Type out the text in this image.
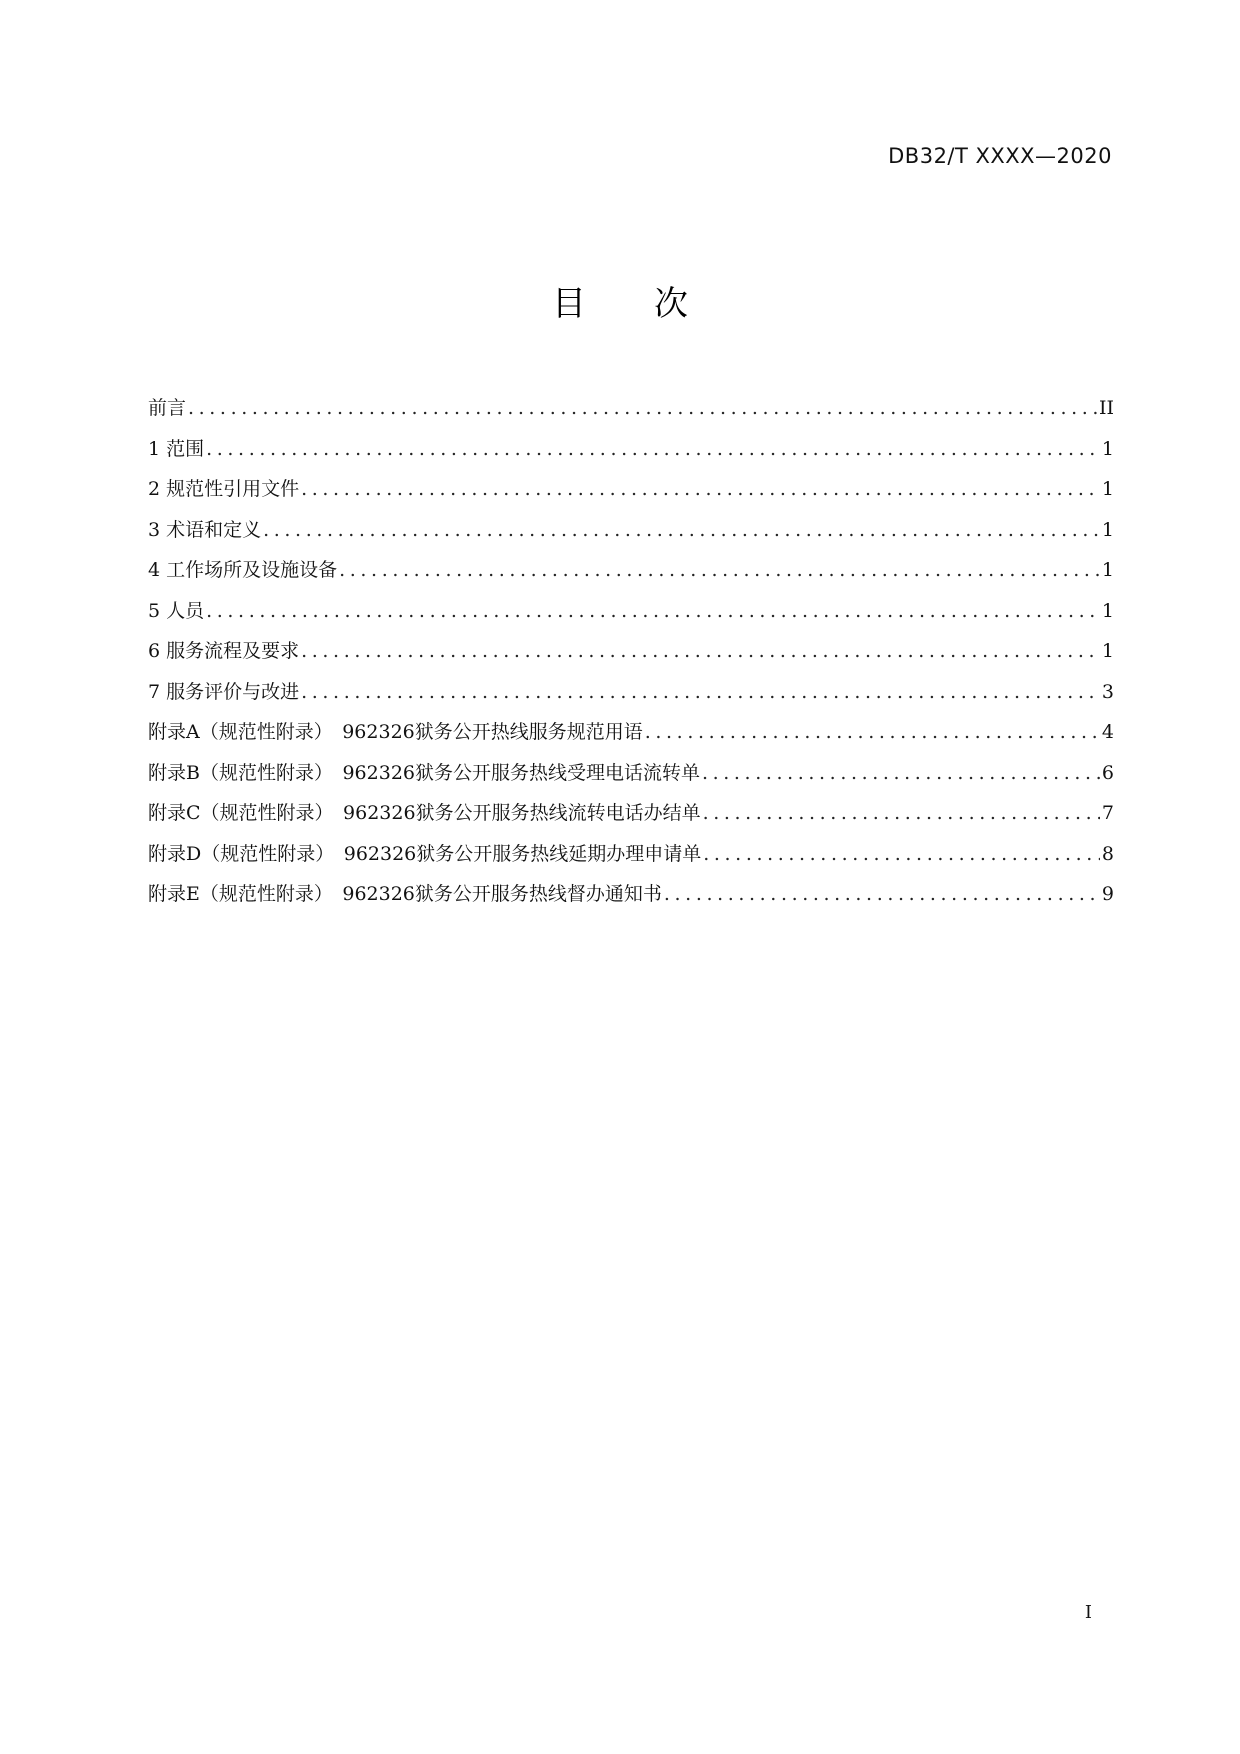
DB32/T XXXX—2020
目　　次
前言 .....	II
1 范围 .....	1
2 规范性引用文件 .....	1
3 术语和定义 .....	1
4 工作场所及设施设备 .....	1
5 人员 .....	1
6 服务流程及要求 .....	1
7 服务评价与改进 .....	3
附录A（规范性附录）　962326狱务公开热线服务规范用语 .....	4
附录B（规范性附录）　962326狱务公开服务热线受理电话流转单 .....	6
附录C（规范性附录）　962326狱务公开服务热线流转电话办结单 .....	7
附录D（规范性附录）　962326狱务公开服务热线延期办理申请单 .....	8
附录E（规范性附录）　962326狱务公开服务热线督办通知书 .....	9
I
